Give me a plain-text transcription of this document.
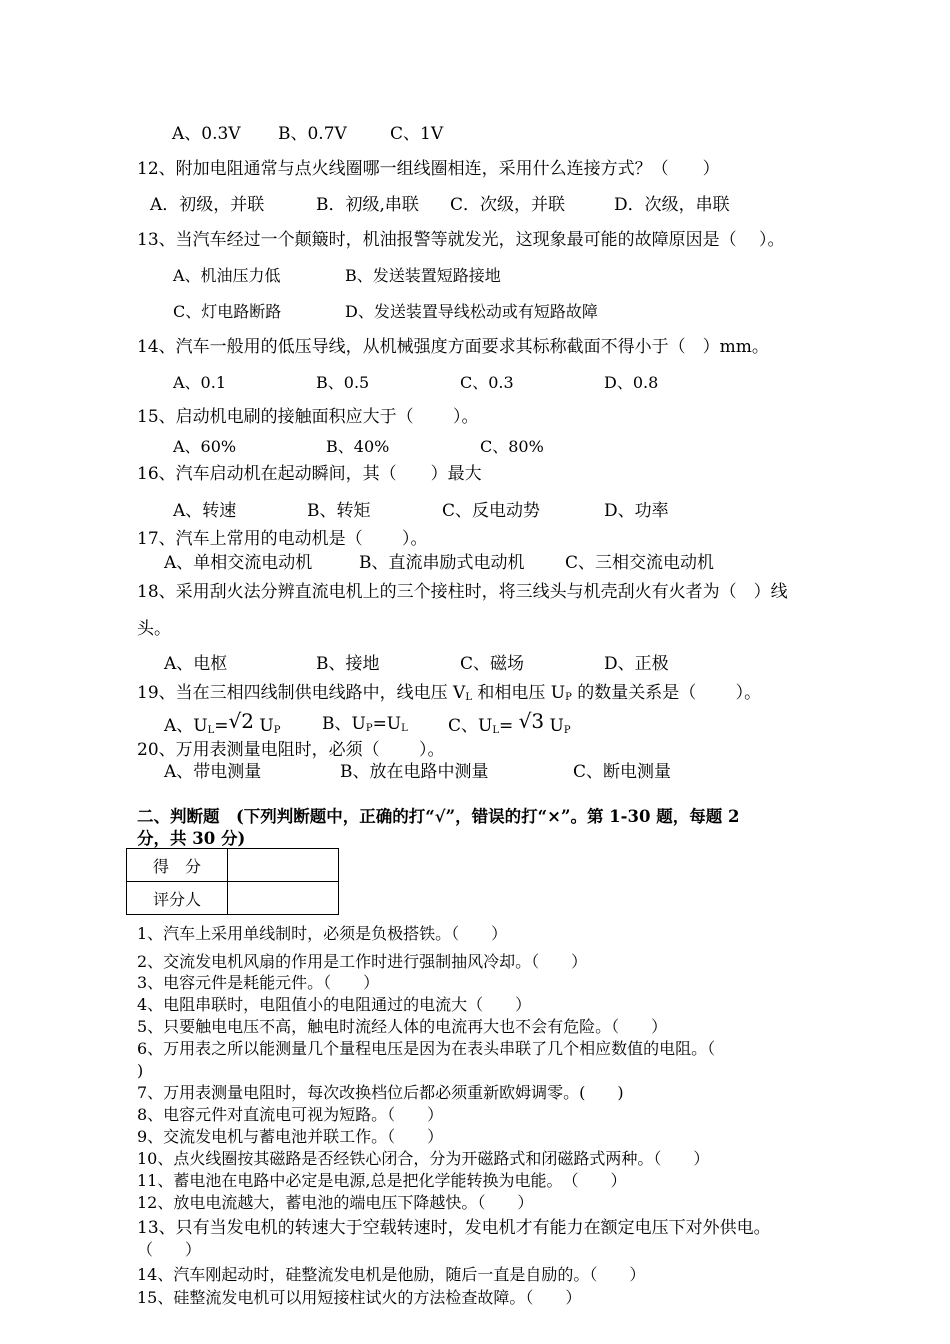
A、0.3V B、0.7V	C、1V
12、附加电阻通常与点火线圈哪一组线圈相连，采用什么连接方式？（　　）
A．初级，并联	B．初级,串联 C．次级，并联	D．次级，串联
13、当汽车经过一个颠簸时，机油报警等就发光，这现象最可能的故障原因是（　 ）。
A、机油压力低	B、发送装置短路接地
C、灯电路断路	D、发送装置导线松动或有短路故障
14、汽车一般用的低压导线，从机械强度方面要求其标称截面不得小于（　）mm。
A、0.1	B、0.5	C、0.3	D、0.8
15、启动机电刷的接触面积应大于（　　 ）。
A、60%	B、40%	C、80%
16、汽车启动机在起动瞬间，其（　　）最大
A、转速	B、转矩	C、反电动势	D、功率
17、汽车上常用的电动机是（　　 ）。
A、单相交流电动机	B、直流串励式电动机 C、三相交流电动机
18、采用刮火法分辨直流电机上的三个接柱时，将三线头与机壳刮火有火者为（　）线
头。
A、电枢	B、接地	C、磁场	D、正极
19、当在三相四线制供电线路中，线电压 $V_L$ 和相电压 $U_P$ 的数量关系是（　　 ）。
A、$U_L=√2$ $U_P$ B、$U_P=U_L$ C、$U_L= √3$ $U_P$
20、万用表测量电阻时，必须（　　 ）。
A、带电测量	B、放在电路中测量	C、断电测量
二、判断题　(下列判断题中，正确的打“√”，错误的打“×”。第 1-30 题，每题 2
分，共 30 分)
得　分	
评分人	
1、汽车上采用单线制时，必须是负极搭铁。（　　）
2、交流发电机风扇的作用是工作时进行强制抽风冷却。（　　）
3、电容元件是耗能元件。（　　）
4、电阻串联时，电阻值小的电阻通过的电流大（　　）
5、只要触电电压不高，触电时流经人体的电流再大也不会有危险。（　　）
6、万用表之所以能测量几个量程电压是因为在表头串联了几个相应数值的电阻。（
)
7、万用表测量电阻时，每次改换档位后都必须重新欧姆调零。(　　)
8、电容元件对直流电可视为短路。（　　）
9、交流发电机与蓄电池并联工作。（　　）
10、点火线圈按其磁路是否经铁心闭合，分为开磁路式和闭磁路式两种。（　　）
11、蓄电池在电路中必定是电源,总是把化学能转换为电能。　（　　）
12、放电电流越大，蓄电池的端电压下降越快。（　　）
13、只有当发电机的转速大于空载转速时，发电机才有能力在额定电压下对外供电。
（　　）
14、汽车刚起动时，硅整流发电机是他励，随后一直是自励的。（　　）
15、硅整流发电机可以用短接柱试火的方法检查故障。（　　）
